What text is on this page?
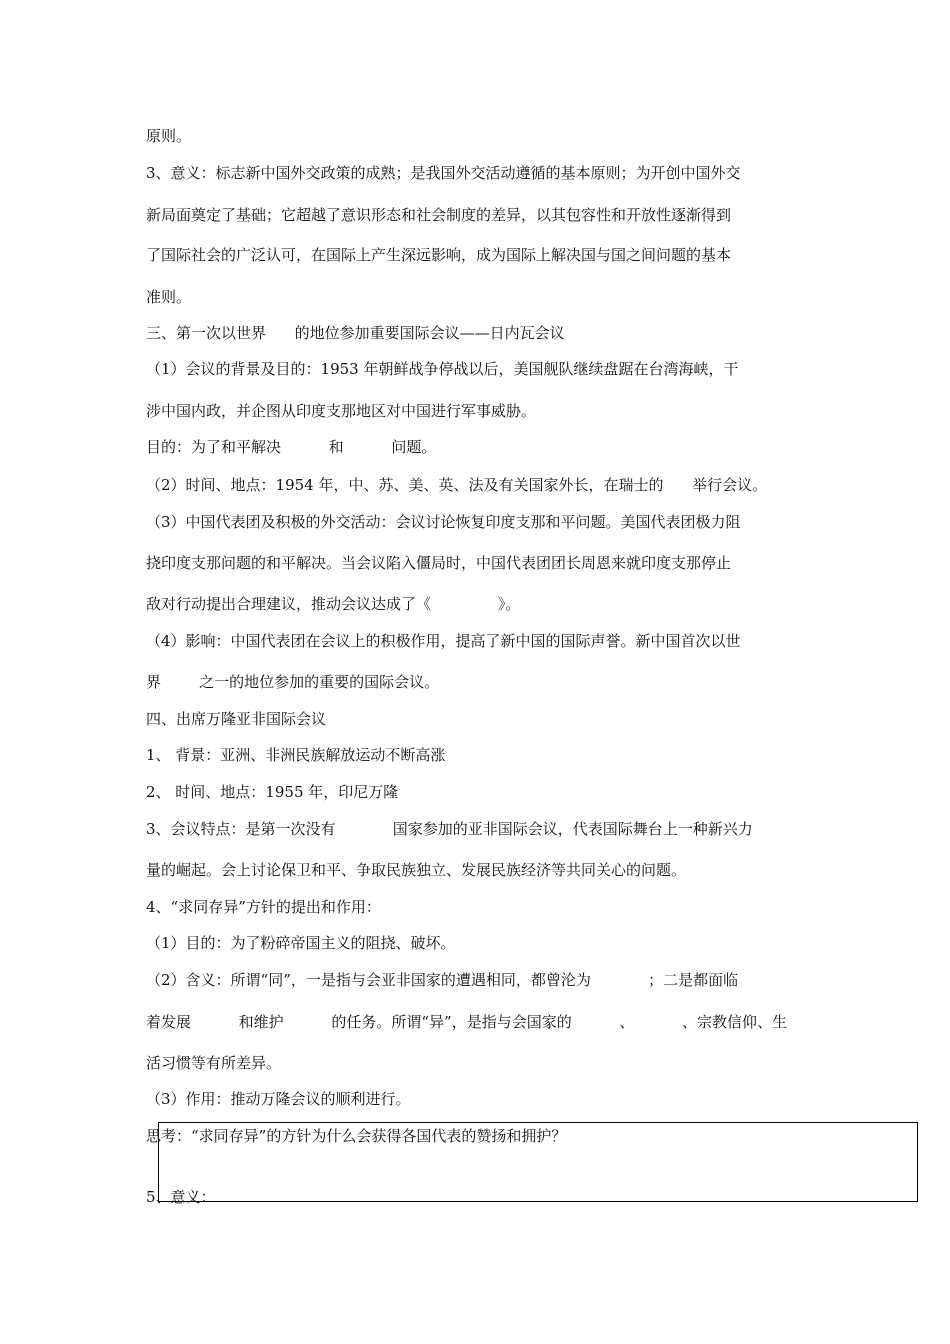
原则。
3、意义：标志新中国外交政策的成熟；是我国外交活动遵循的基本原则；为开创中国外交
新局面奠定了基础；它超越了意识形态和社会制度的差异，以其包容性和开放性逐渐得到
了国际社会的广泛认可，在国际上产生深远影响，成为国际上解决国与国之间问题的基本
准则。
三、第一次以世界      的地位参加重要国际会议——日内瓦会议
（1）会议的背景及目的：1953 年朝鲜战争停战以后，美国舰队继续盘踞在台湾海峡，干
涉中国内政，并企图从印度支那地区对中国进行军事威胁。
目的：为了和平解决          和          问题。
（2）时间、地点：1954 年，中、苏、美、英、法及有关国家外长，在瑞士的      举行会议。
（3）中国代表团及积极的外交活动：会议讨论恢复印度支那和平问题。美国代表团极力阻
挠印度支那问题的和平解决。当会议陷入僵局时，中国代表团团长周恩来就印度支那停止
敌对行动提出合理建议，推动会议达成了《              》。
（4）影响：中国代表团在会议上的积极作用，提高了新中国的国际声誉。新中国首次以世
界        之一的地位参加的重要的国际会议。
四、出席万隆亚非国际会议
1、 背景：亚洲、非洲民族解放运动不断高涨
2、 时间、地点：1955 年，印尼万隆
3、会议特点：是第一次没有            国家参加的亚非国际会议，代表国际舞台上一种新兴力
量的崛起。会上讨论保卫和平、争取民族独立、发展民族经济等共同关心的问题。
4、“求同存异”方针的提出和作用：
（1）目的：为了粉碎帝国主义的阻挠、破坏。
（2）含义：所谓“同”，一是指与会亚非国家的遭遇相同，都曾沦为            ；二是都面临
着发展          和维护          的任务。所谓“异”，是指与会国家的          、          、宗教信仰、生
活习惯等有所差异。
（3）作用：推动万隆会议的顺利进行。
思考：“求同存异”的方针为什么会获得各国代表的赞扬和拥护？
5、意义：
